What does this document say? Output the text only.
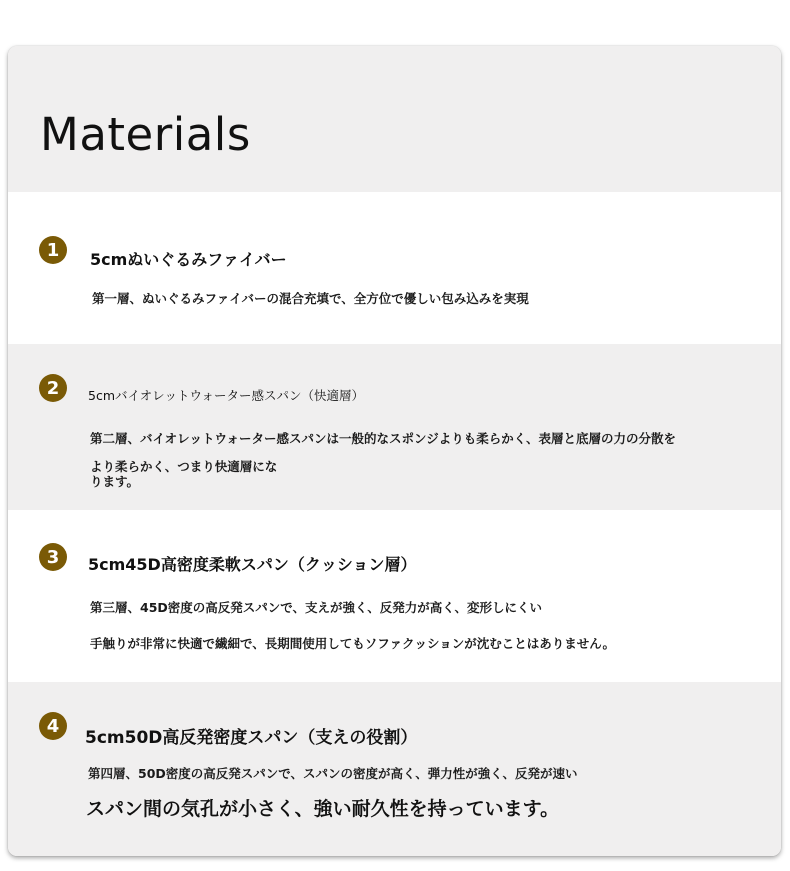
Materials
1	5cmぬいぐるみファイバー
第一層、ぬいぐるみファイバーの混合充填で、全方位で優しい包み込みを実現
2	5cmバイオレットウォーター感スパン（快適層）
第二層、バイオレットウォーター感スパンは一般的なスポンジよりも柔らかく、表層と底層の力の分散を
より柔らかく、つまり快適層にな
ります。
3	5cm45D高密度柔軟スパン（クッション層）
第三層、45D密度の高反発スパンで、支えが強く、反発力が高く、変形しにくい
手触りが非常に快適で繊細で、長期間使用してもソファクッションが沈むことはありません。
4
5cm50D高反発密度スパン（支えの役割）
第四層、50D密度の高反発スパンで、スパンの密度が高く、弾力性が強く、反発が速い
スパン間の気孔が小さく、強い耐久性を持っています。
